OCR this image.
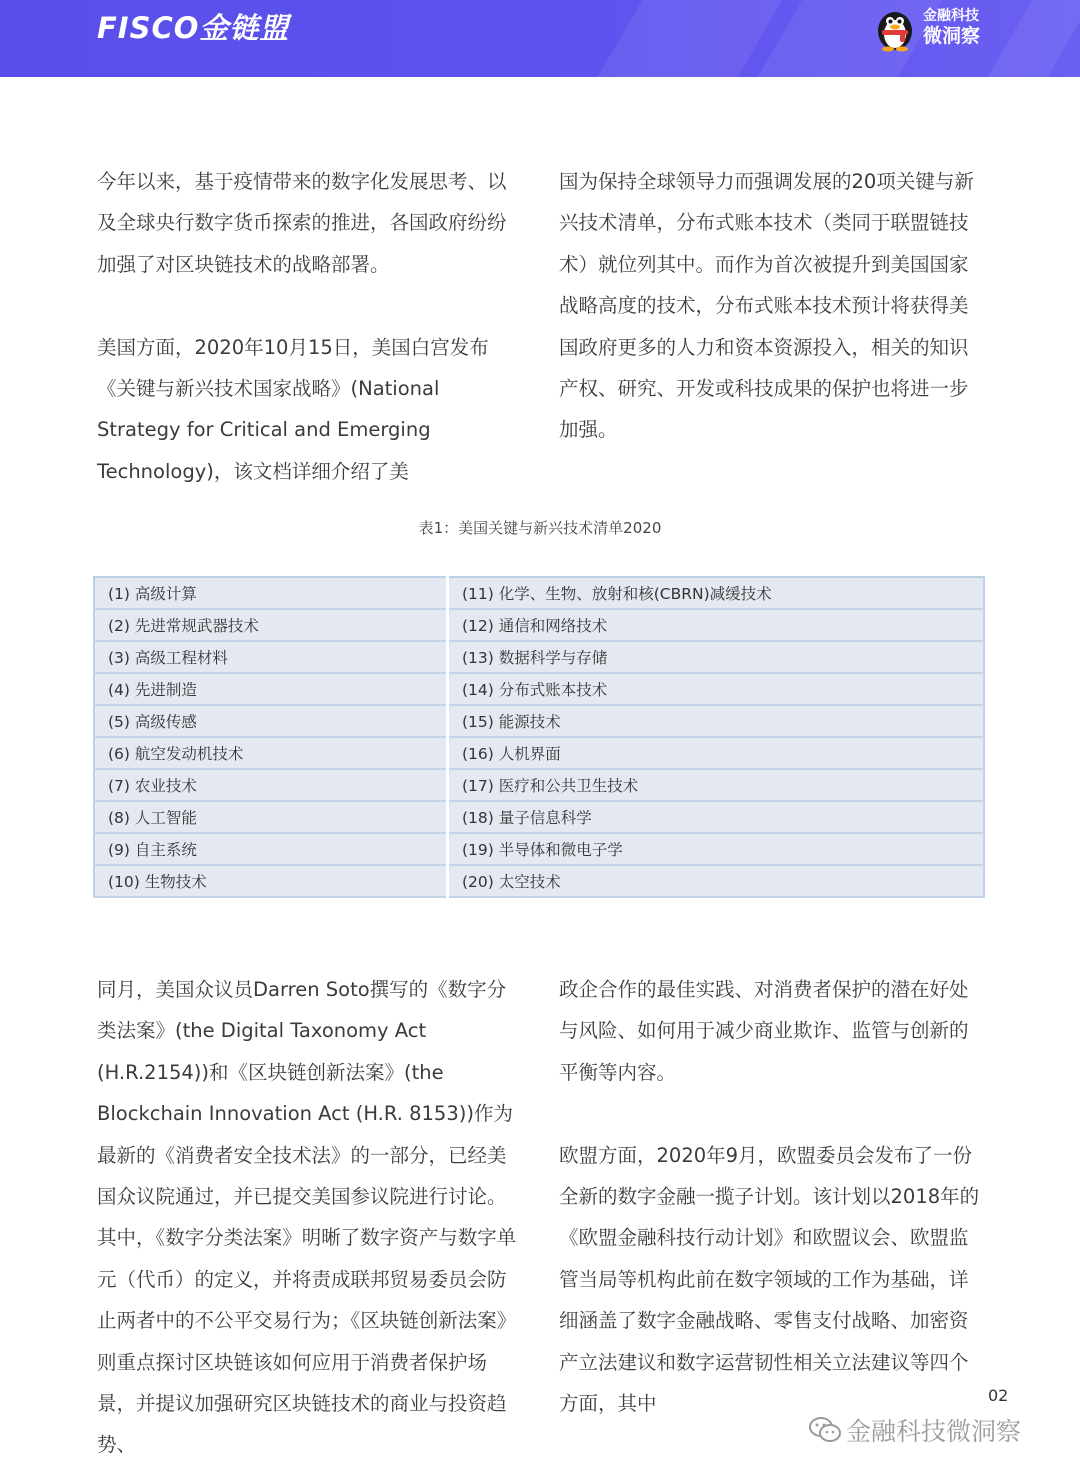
FISCO金链盟	金融科技
微洞察

今年以来，基于疫情带来的数字化发展思考、以及全球央行数字货币探索的推进，各国政府纷纷加强了对区块链技术的战略部署。

美国方面，2020年10月15日，美国白宫发布《关键与新兴技术国家战略》(National Strategy for Critical and Emerging Technology)，该文档详细介绍了美

国为保持全球领导力而强调发展的20项关键与新兴技术清单，分布式账本技术（类同于联盟链技术）就位列其中。而作为首次被提升到美国国家战略高度的技术，分布式账本技术预计将获得美国政府更多的人力和资本资源投入，相关的知识产权、研究、开发或科技成果的保护也将进一步加强。

表1：美国关键与新兴技术清单2020
(1) 高级计算	(11) 化学、生物、放射和核(CBRN)减缓技术
(2) 先进常规武器技术	(12) 通信和网络技术
(3) 高级工程材料	(13) 数据科学与存储
(4) 先进制造	(14) 分布式账本技术
(5) 高级传感	(15) 能源技术
(6) 航空发动机技术	(16) 人机界面
(7) 农业技术	(17) 医疗和公共卫生技术
(8) 人工智能	(18) 量子信息科学
(9) 自主系统	(19) 半导体和微电子学
(10) 生物技术	(20) 太空技术

同月，美国众议员Darren Soto撰写的《数字分类法案》(the Digital Taxonomy Act (H.R.2154))和《区块链创新法案》(the Blockchain Innovation Act (H.R. 8153))作为最新的《消费者安全技术法》的一部分，已经美国众议院通过，并已提交美国参议院进行讨论。其中，《数字分类法案》明晰了数字资产与数字单元（代币）的定义，并将责成联邦贸易委员会防止两者中的不公平交易行为；《区块链创新法案》则重点探讨区块链该如何应用于消费者保护场景，并提议加强研究区块链技术的商业与投资趋势、

政企合作的最佳实践、对消费者保护的潜在好处与风险、如何用于减少商业欺诈、监管与创新的平衡等内容。

欧盟方面，2020年9月，欧盟委员会发布了一份全新的数字金融一揽子计划。该计划以2018年的《欧盟金融科技行动计划》和欧盟议会、欧盟监管当局等机构此前在数字领域的工作为基础，详细涵盖了数字金融战略、零售支付战略、加密资产立法建议和数字运营韧性相关立法建议等四个方面，其中	02
金融科技微洞察
